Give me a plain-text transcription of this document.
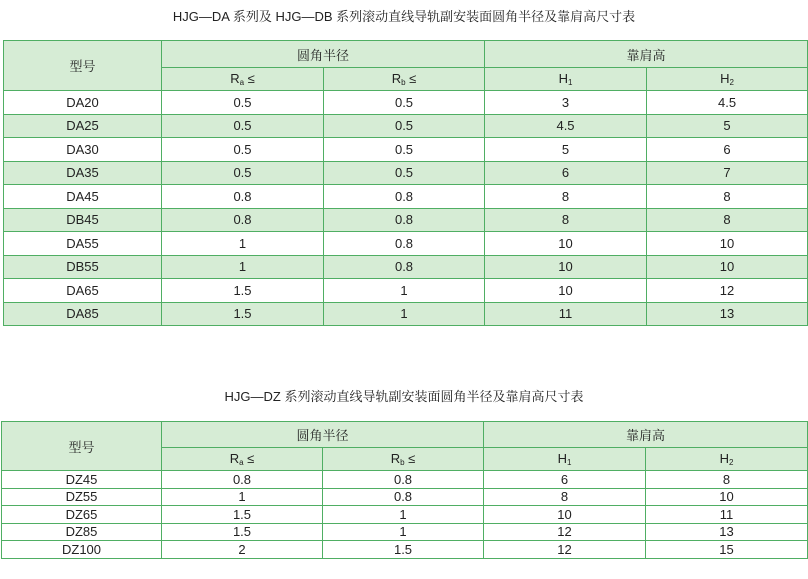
HJG—DA 系列及 HJG—DB 系列滚动直线导轨副安装面圆角半径及靠肩高尺寸表
型号	圆角半径		靠肩高	
	$R_a$ ≤	$R_b$ ≤	$H_1$	$H_2$
DA20	0.5	0.5	3	4.5
DA25	0.5	0.5	4.5	5
DA30	0.5	0.5	5	6
DA35	0.5	0.5	6	7
DA45	0.8	0.8	8	8
DB45	0.8	0.8	8	8
DA55	1	0.8	10	10
DB55	1	0.8	10	10
DA65	1.5	1	10	12
DA85	1.5	1	11	13
HJG—DZ 系列滚动直线导轨副安装面圆角半径及靠肩高尺寸表
型号	圆角半径		靠肩高	
	$R_a$ ≤	$R_b$ ≤	$H_1$	$H_2$
DZ45	0.8	0.8	6	8
DZ55	1	0.8	8	10
DZ65	1.5	1	10	11
DZ85	1.5	1	12	13
DZ100	2	1.5	12	15
